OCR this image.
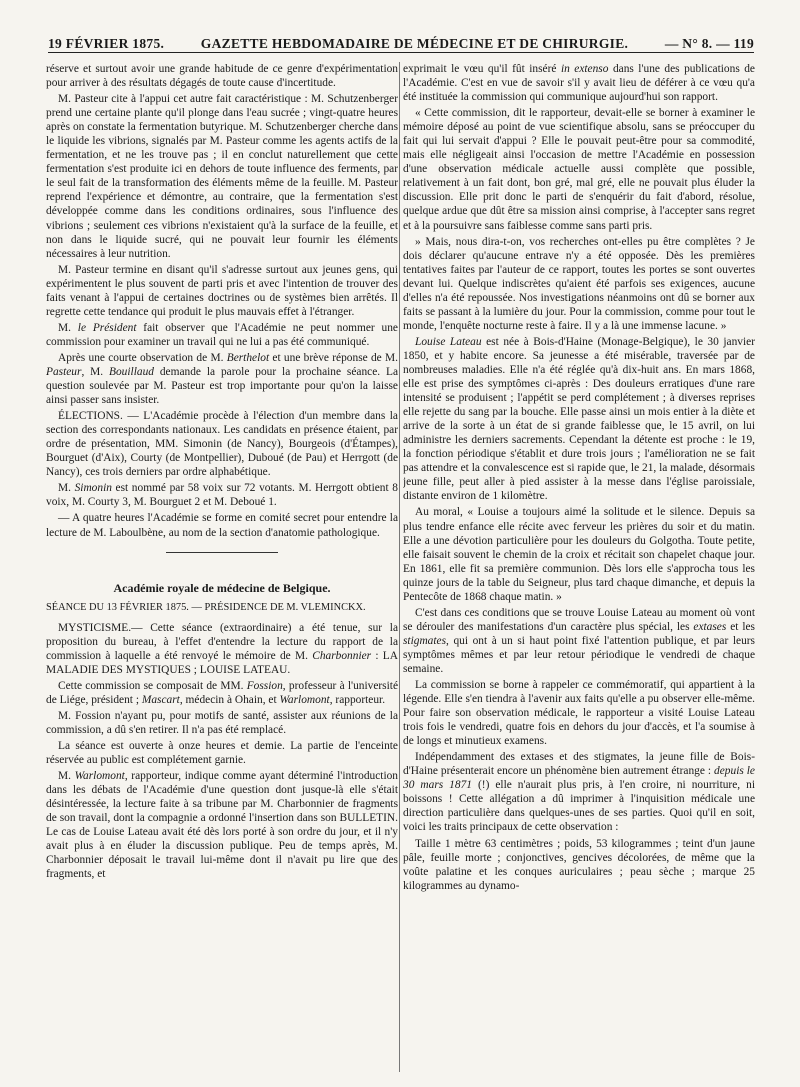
19 FÉVRIER 1875.	GAZETTE HEBDOMADAIRE DE MÉDECINE ET DE CHIRURGIE.	— N° 8. — 119

réserve et surtout avoir une grande habitude de ce genre d'expérimentation pour arriver à des résultats dégagés de toute cause d'incertitude.

M. Pasteur cite à l'appui cet autre fait caractéristique : M. Schutzenberger prend une certaine plante qu'il plonge dans l'eau sucrée ; vingt-quatre heures après on constate la fermentation butyrique. M. Schutzenberger cherche dans le liquide les vibrions, signalés par M. Pasteur comme les agents actifs de la fermentation, et ne les trouve pas ; il en conclut naturellement que cette fermentation s'est produite ici en dehors de toute influence des ferments, par le seul fait de la transformation des éléments même de la feuille. M. Pasteur reprend l'expérience et démontre, au contraire, que la fermentation s'est développée comme dans les conditions ordinaires, sous l'influence des vibrions ; seulement ces vibrions n'existaient qu'à la surface de la feuille, et non dans le liquide sucré, qui ne pouvait leur fournir les éléments nécessaires à leur nutrition.

M. Pasteur termine en disant qu'il s'adresse surtout aux jeunes gens, qui expérimentent le plus souvent de parti pris et avec l'intention de trouver des faits venant à l'appui de certaines doctrines ou de systèmes bien arrêtés. Il regrette cette tendance qui produit le plus mauvais effet à l'étranger.

M. le Président fait observer que l'Académie ne peut nommer une commission pour examiner un travail qui ne lui a pas été communiqué.

Après une courte observation de M. Berthelot et une brève réponse de M. Pasteur, M. Bouillaud demande la parole pour la prochaine séance. La question soulevée par M. Pasteur est trop importante pour qu'on la laisse ainsi passer sans insister.

ÉLECTIONS. — L'Académie procède à l'élection d'un membre dans la section des correspondants nationaux. Les candidats en présence étaient, par ordre de présentation, MM. Simonin (de Nancy), Bourgeois (d'Étampes), Bourguet (d'Aix), Courty (de Montpellier), Duboué (de Pau) et Herrgott (de Nancy), ces trois derniers par ordre alphabétique.

M. Simonin est nommé par 58 voix sur 72 votants. M. Herrgott obtient 8 voix, M. Courty 3, M. Bourguet 2 et M. Deboué 1.

— A quatre heures l'Académie se forme en comité secret pour entendre la lecture de M. Laboulbène, au nom de la section d'anatomie pathologique.

Académie royale de médecine de Belgique.

SÉANCE DU 13 FÉVRIER 1875. — PRÉSIDENCE DE M. VLEMINCKX.

MYSTICISME.— Cette séance (extraordinaire) a été tenue, sur la proposition du bureau, à l'effet d'entendre la lecture du rapport de la commission à laquelle a été renvoyé le mémoire de M. Charbonnier : LA MALADIE DES MYSTIQUES ; LOUISE LATEAU.

Cette commission se composait de MM. Fossion, professeur à l'université de Liége, président ; Mascart, médecin à Ohain, et Warlomont, rapporteur.

M. Fossion n'ayant pu, pour motifs de santé, assister aux réunions de la commission, a dû s'en retirer. Il n'a pas été remplacé.

La séance est ouverte à onze heures et demie. La partie de l'enceinte réservée au public est complétement garnie.

M. Warlomont, rapporteur, indique comme ayant déterminé l'introduction dans les débats de l'Académie d'une question dont jusque-là elle s'était désintéressée, la lecture faite à sa tribune par M. Charbonnier de fragments de son travail, dont la compagnie a ordonné l'insertion dans son BULLETIN. Le cas de Louise Lateau avait été dès lors porté à son ordre du jour, et il n'y avait plus à en éluder la discussion publique. Peu de temps après, M. Charbonnier déposait le travail lui-même dont il n'avait pu lire que des fragments, et

exprimait le vœu qu'il fût inséré in extenso dans l'une des publications de l'Académie. C'est en vue de savoir s'il y avait lieu de déférer à ce vœu qu'a été instituée la commission qui communique aujourd'hui son rapport.

« Cette commission, dit le rapporteur, devait-elle se borner à examiner le mémoire déposé au point de vue scientifique absolu, sans se préoccuper du fait qui lui servait d'appui ? Elle le pouvait peut-être pour sa commodité, mais elle négligeait ainsi l'occasion de mettre l'Académie en possession d'une observation médicale actuelle aussi complète que possible, relativement à un fait dont, bon gré, mal gré, elle ne pouvait plus éluder la discussion. Elle prit donc le parti de s'enquérir du fait d'abord, résolue, quelque ardue que dût être sa mission ainsi comprise, à l'accepter sans regret et à la poursuivre sans faiblesse comme sans parti pris.

» Mais, nous dira-t-on, vos recherches ont-elles pu être complètes ? Je dois déclarer qu'aucune entrave n'y a été opposée. Dès les premières tentatives faites par l'auteur de ce rapport, toutes les portes se sont ouvertes devant lui. Quelque indiscrètes qu'aient été parfois ses exigences, aucune d'elles n'a été repoussée. Nos investigations néanmoins ont dû se borner aux faits se passant à la lumière du jour. Pour la commission, comme pour tout le monde, l'enquête nocturne reste à faire. Il y a là une immense lacune. »

Louise Lateau est née à Bois-d'Haine (Monage-Belgique), le 30 janvier 1850, et y habite encore. Sa jeunesse a été misérable, traversée par de nombreuses maladies. Elle n'a été réglée qu'à dix-huit ans. En mars 1868, elle est prise des symptômes ci-après : Des douleurs erratiques d'une rare intensité se produisent ; l'appétit se perd complétement ; à diverses reprises elle rejette du sang par la bouche. Elle passe ainsi un mois entier à la diète et arrive de la sorte à un état de si grande faiblesse que, le 15 avril, on lui administre les derniers sacrements. Cependant la détente est proche : le 19, la fonction périodique s'établit et dure trois jours ; l'amélioration ne se fait pas attendre et la convalescence est si rapide que, le 21, la malade, désormais jeune fille, peut aller à pied assister à la messe dans l'église paroissiale, distante environ de 1 kilomètre.

Au moral, « Louise a toujours aimé la solitude et le silence. Depuis sa plus tendre enfance elle récite avec ferveur les prières du soir et du matin. Elle a une dévotion particulière pour les douleurs du Golgotha. Toute petite, elle faisait souvent le chemin de la croix et récitait son chapelet chaque jour. En 1861, elle fit sa première communion. Dès lors elle s'approcha tous les quinze jours de la table du Seigneur, plus tard chaque dimanche, et depuis la Pentecôte de 1868 chaque matin. »

C'est dans ces conditions que se trouve Louise Lateau au moment où vont se dérouler des manifestations d'un caractère plus spécial, les extases et les stigmates, qui ont à un si haut point fixé l'attention publique, et par leurs symptômes mêmes et par leur retour périodique le vendredi de chaque semaine.

La commission se borne à rappeler ce commémoratif, qui appartient à la légende. Elle s'en tiendra à l'avenir aux faits qu'elle a pu observer elle-même. Pour faire son observation médicale, le rapporteur a visité Louise Lateau trois fois le vendredi, quatre fois en dehors du jour d'accès, et l'a soumise à de longs et minutieux examens.

Indépendamment des extases et des stigmates, la jeune fille de Bois-d'Haine présenterait encore un phénomène bien autrement étrange : depuis le 30 mars 1871 (!) elle n'aurait plus pris, à l'en croire, ni nourriture, ni boissons ! Cette allégation a dû imprimer à l'inquisition médicale une direction particulière dans quelques-unes de ses parties. Quoi qu'il en soit, voici les traits principaux de cette observation :

Taille 1 mètre 63 centimètres ; poids, 53 kilogrammes ; teint d'un jaune pâle, feuille morte ; conjonctives, gencives décolorées, de même que la voûte palatine et les conques auriculaires ; peau sèche ; marque 25 kilogrammes au dynamo-
